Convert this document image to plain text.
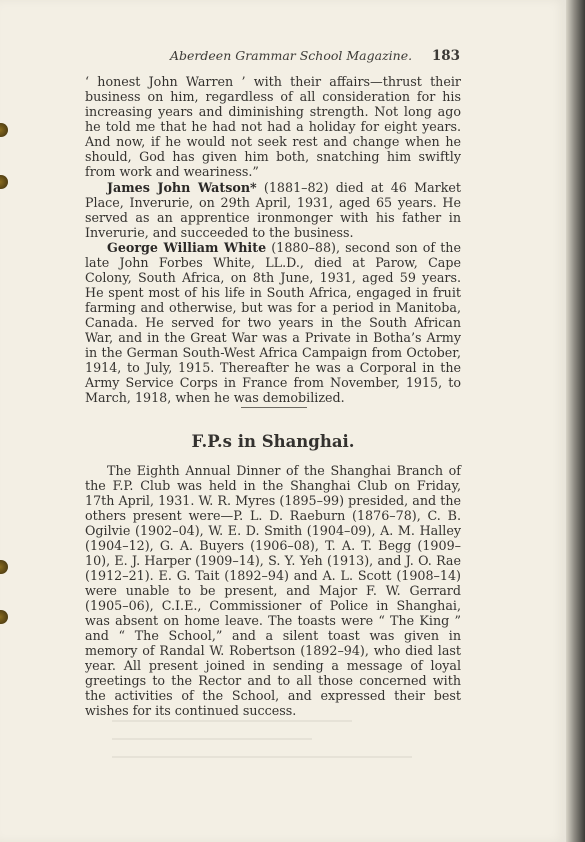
Aberdeen Grammar School Magazine. 183

‘ honest John Warren ’ with their affairs—thrust their business on him, regardless of all consideration for his increasing years and diminishing strength. Not long ago he told me that he had not had a holiday for eight years. And now, if he would not seek rest and change when he should, God has given him both, snatching him swiftly from work and weariness.”

James John Watson* (1881–82) died at 46 Market Place, Inverurie, on 29th April, 1931, aged 65 years. He served as an apprentice ironmonger with his father in Inverurie, and succeeded to the business.

George William White (1880–88), second son of the late John Forbes White, LL.D., died at Parow, Cape Colony, South Africa, on 8th June, 1931, aged 59 years. He spent most of his life in South Africa, engaged in fruit farming and otherwise, but was for a period in Manitoba, Canada. He served for two years in the South African War, and in the Great War was a Private in Botha’s Army in the German South-West Africa Campaign from October, 1914, to July, 1915. Thereafter he was a Corporal in the Army Service Corps in France from November, 1915, to March, 1918, when he was demobilized.

F.P.s in Shanghai.

The Eighth Annual Dinner of the Shanghai Branch of the F.P. Club was held in the Shanghai Club on Friday, 17th April, 1931. W. R. Myres (1895–99) presided, and the others present were—P. L. D. Raeburn (1876–78), C. B. Ogilvie (1902–04), W. E. D. Smith (1904–09), A. M. Halley (1904–12), G. A. Buyers (1906–08), T. A. T. Begg (1909–10), E. J. Harper (1909–14), S. Y. Yeh (1913), and J. O. Rae (1912–21). E. G. Tait (1892–94) and A. L. Scott (1908–14) were unable to be present, and Major F. W. Gerrard (1905–06), C.I.E., Commissioner of Police in Shanghai, was absent on home leave. The toasts were “ The King ” and “ The School,” and a silent toast was given in memory of Randal W. Robertson (1892–94), who died last year. All present joined in sending a message of loyal greetings to the Rector and to all those concerned with the activities of the School, and expressed their best wishes for its continued success.
